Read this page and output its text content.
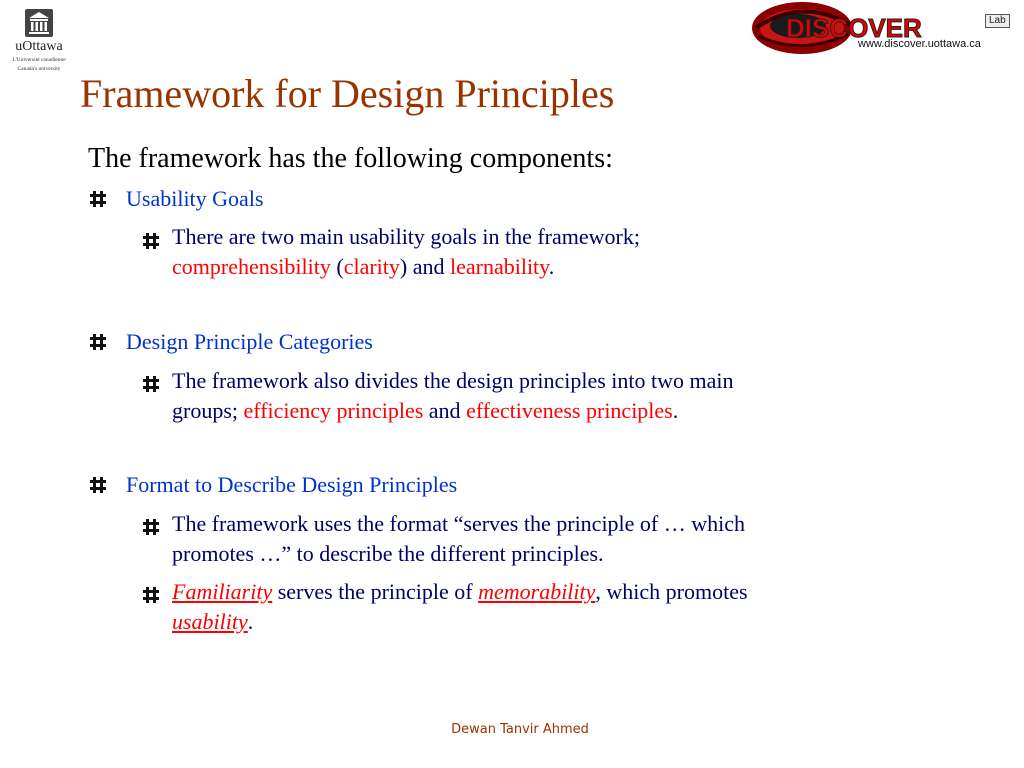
uOttawa
L'Université canadienne
Canada's university
DISCOVER	Lab
www.discover.uottawa.ca
Framework for Design Principles
The framework has the following components:
Usability Goals
There are two main usability goals in the framework;
comprehensibility (clarity) and learnability.
Design Principle Categories
The framework also divides the design principles into two main
groups; efficiency principles and effectiveness principles.
Format to Describe Design Principles
The framework uses the format “serves the principle of … which
promotes …” to describe the different principles.
Familiarity serves the principle of memorability, which promotes
usability.
Dewan Tanvir Ahmed
